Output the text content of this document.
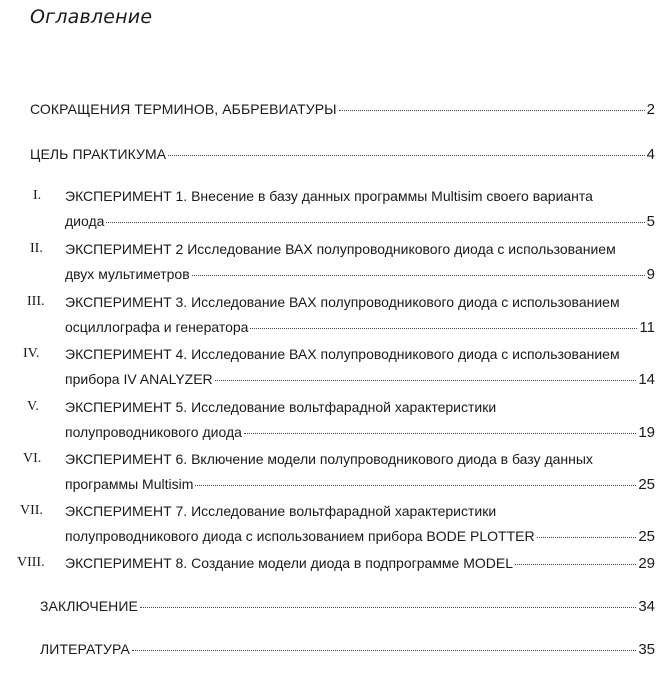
Оглавление
СОКРАЩЕНИЯ ТЕРМИНОВ, АББРЕВИАТУРЫ	2
ЦЕЛЬ ПРАКТИКУМА	4
I. ЭКСПЕРИМЕНТ 1. Внесение в базу данных программы Multisim своего варианта
диода	5
II. ЭКСПЕРИМЕНТ 2 Исследование ВАХ полупроводникового диода с использованием
двух мультиметров	9
III. ЭКСПЕРИМЕНТ 3. Исследование ВАХ полупроводникового диода с использованием
осциллографа и генератора	11
IV. ЭКСПЕРИМЕНТ 4. Исследование ВАХ полупроводникового диода с использованием
прибора IV ANALYZER	14
V. ЭКСПЕРИМЕНТ 5. Исследование вольтфарадной характеристики
полупроводникового диода	19
VI. ЭКСПЕРИМЕНТ 6. Включение модели полупроводникового диода в базу данных
программы Multisim	25
VII. ЭКСПЕРИМЕНТ 7. Исследование вольтфарадной характеристики
полупроводникового диода с использованием прибора BODE PLOTTER	25
VIII. ЭКСПЕРИМЕНТ 8. Создание модели диода в подпрограмме MODEL	29
ЗАКЛЮЧЕНИЕ	34
ЛИТЕРАТУРА	35
